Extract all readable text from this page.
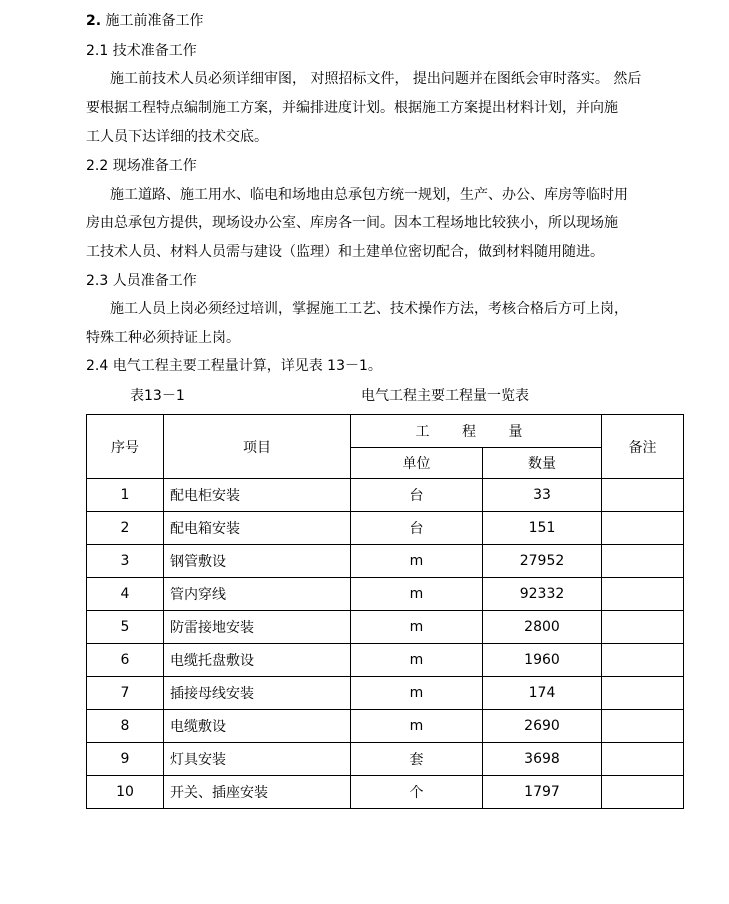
2. 施工前准备工作
2.1 技术准备工作
施工前技术人员必须详细审图， 对照招标文件， 提出问题并在图纸会审时落实。 然后
要根据工程特点编制施工方案，并编排进度计划。根据施工方案提出材料计划，并向施
工人员下达详细的技术交底。
2.2 现场准备工作
施工道路、施工用水、临电和场地由总承包方统一规划，生产、办公、库房等临时用
房由总承包方提供，现场设办公室、库房各一间。因本工程场地比较狭小，所以现场施
工技术人员、材料人员需与建设（监理）和土建单位密切配合，做到材料随用随进。
2.3 人员准备工作
施工人员上岗必须经过培训，掌握施工工艺、技术操作方法，考核合格后方可上岗，
特殊工种必须持证上岗。
2.4 电气工程主要工程量计算，详见表 13－1。
表13－1	电气工程主要工程量一览表
序号	项目	工 程 量		备注
		单位	数量	
1	配电柜安装	台	33	
2	配电箱安装	台	151	
3	钢管敷设	m	27952	
4	管内穿线	m	92332	
5	防雷接地安装	m	2800	
6	电缆托盘敷设	m	1960	
7	插接母线安装	m	174	
8	电缆敷设	m	2690	
9	灯具安装	套	3698	
10	开关、插座安装	个	1797	
